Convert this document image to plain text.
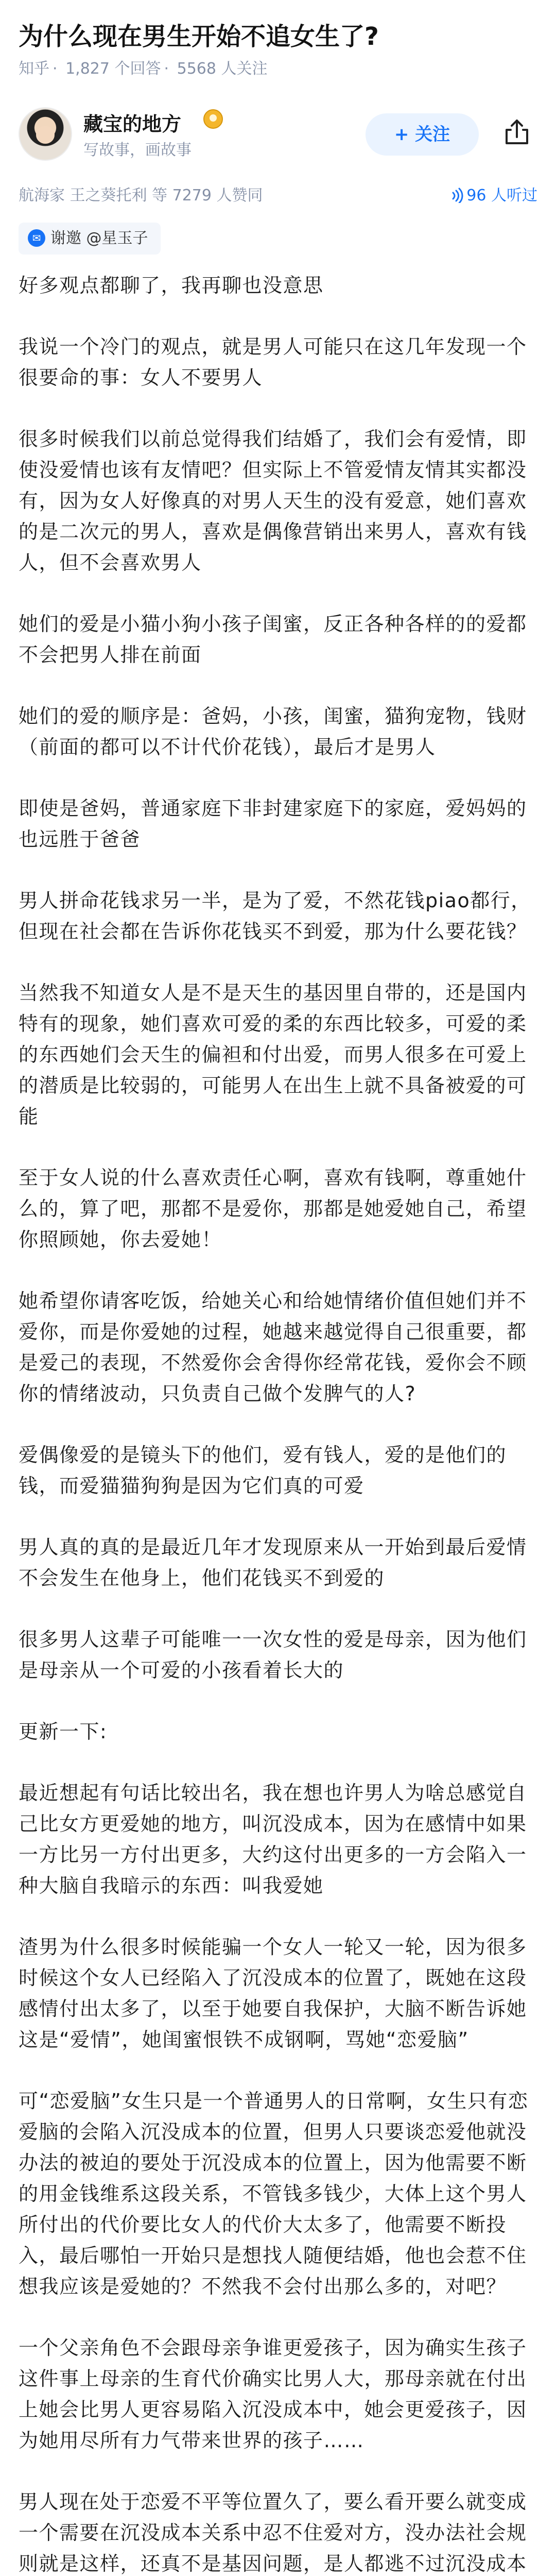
为什么现在男生开始不追女生了?
知乎 · 1,827 个回答 · 5568 人关注
藏宝的地方
写故事，画故事
+ 关注
航海家 王之葵托利 等 7279 人赞同	96 人听过
✉ 谢邀 @星玉子

好多观点都聊了，我再聊也没意思

我说一个冷门的观点，就是男人可能只在这几年发现一个很要命的事：女人不要男人

很多时候我们以前总觉得我们结婚了，我们会有爱情，即使没爱情也该有友情吧？但实际上不管爱情友情其实都没有，因为女人好像真的对男人天生的没有爱意，她们喜欢的是二次元的男人，喜欢是偶像营销出来男人，喜欢有钱人，但不会喜欢男人

她们的爱是小猫小狗小孩子闺蜜，反正各种各样的的爱都不会把男人排在前面

她们的爱的顺序是：爸妈，小孩，闺蜜，猫狗宠物，钱财（前面的都可以不计代价花钱），最后才是男人

即使是爸妈，普通家庭下非封建家庭下的家庭，爱妈妈的也远胜于爸爸

男人拼命花钱求另一半，是为了爱，不然花钱piao都行，但现在社会都在告诉你花钱买不到爱，那为什么要花钱？

当然我不知道女人是不是天生的基因里自带的，还是国内特有的现象，她们喜欢可爱的柔的东西比较多，可爱的柔的东西她们会天生的偏袒和付出爱，而男人很多在可爱上的潜质是比较弱的，可能男人在出生上就不具备被爱的可能

至于女人说的什么喜欢责任心啊，喜欢有钱啊，尊重她什么的，算了吧，那都不是爱你，那都是她爱她自己，希望你照顾她，你去爱她！

她希望你请客吃饭，给她关心和给她情绪价值但她们并不爱你，而是你爱她的过程，她越来越觉得自己很重要，都是爱己的表现，不然爱你会舍得你经常花钱，爱你会不顾你的情绪波动，只负责自己做个发脾气的人?

爱偶像爱的是镜头下的他们，爱有钱人，爱的是他们的钱，而爱猫猫狗狗是因为它们真的可爱

男人真的真的是最近几年才发现原来从一开始到最后爱情不会发生在他身上，他们花钱买不到爱的

很多男人这辈子可能唯一一次女性的爱是母亲，因为他们是母亲从一个可爱的小孩看着长大的

更新一下:

最近想起有句话比较出名，我在想也许男人为啥总感觉自己比女方更爱她的地方，叫沉没成本，因为在感情中如果一方比另一方付出更多，大约这付出更多的一方会陷入一种大脑自我暗示的东西：叫我爱她

渣男为什么很多时候能骗一个女人一轮又一轮，因为很多时候这个女人已经陷入了沉没成本的位置了，既她在这段感情付出太多了，以至于她要自我保护，大脑不断告诉她这是“爱情”，她闺蜜恨铁不成钢啊，骂她“恋爱脑”

可“恋爱脑”女生只是一个普通男人的日常啊，女生只有恋爱脑的会陷入沉没成本的位置，但男人只要谈恋爱他就没办法的被迫的要处于沉没成本的位置上，因为他需要不断的用金钱维系这段关系，不管钱多钱少，大体上这个男人所付出的代价要比女人的代价大太多了，他需要不断投入，最后哪怕一开始只是想找人随便结婚，他也会惹不住想我应该是爱她的？不然我不会付出那么多的，对吧？

一个父亲角色不会跟母亲争谁更爱孩子，因为确实生孩子这件事上母亲的生育代价确实比男人大，那母亲就在付出上她会比男人更容易陷入沉没成本中，她会更爱孩子，因为她用尽所有力气带来世界的孩子……

男人现在处于恋爱不平等位置久了，要么看开要么就变成一个需要在沉没成本关系中忍不住爱对方，没办法社会规则就是这样，还真不是基因问题，是人都逃不过沉没成本
